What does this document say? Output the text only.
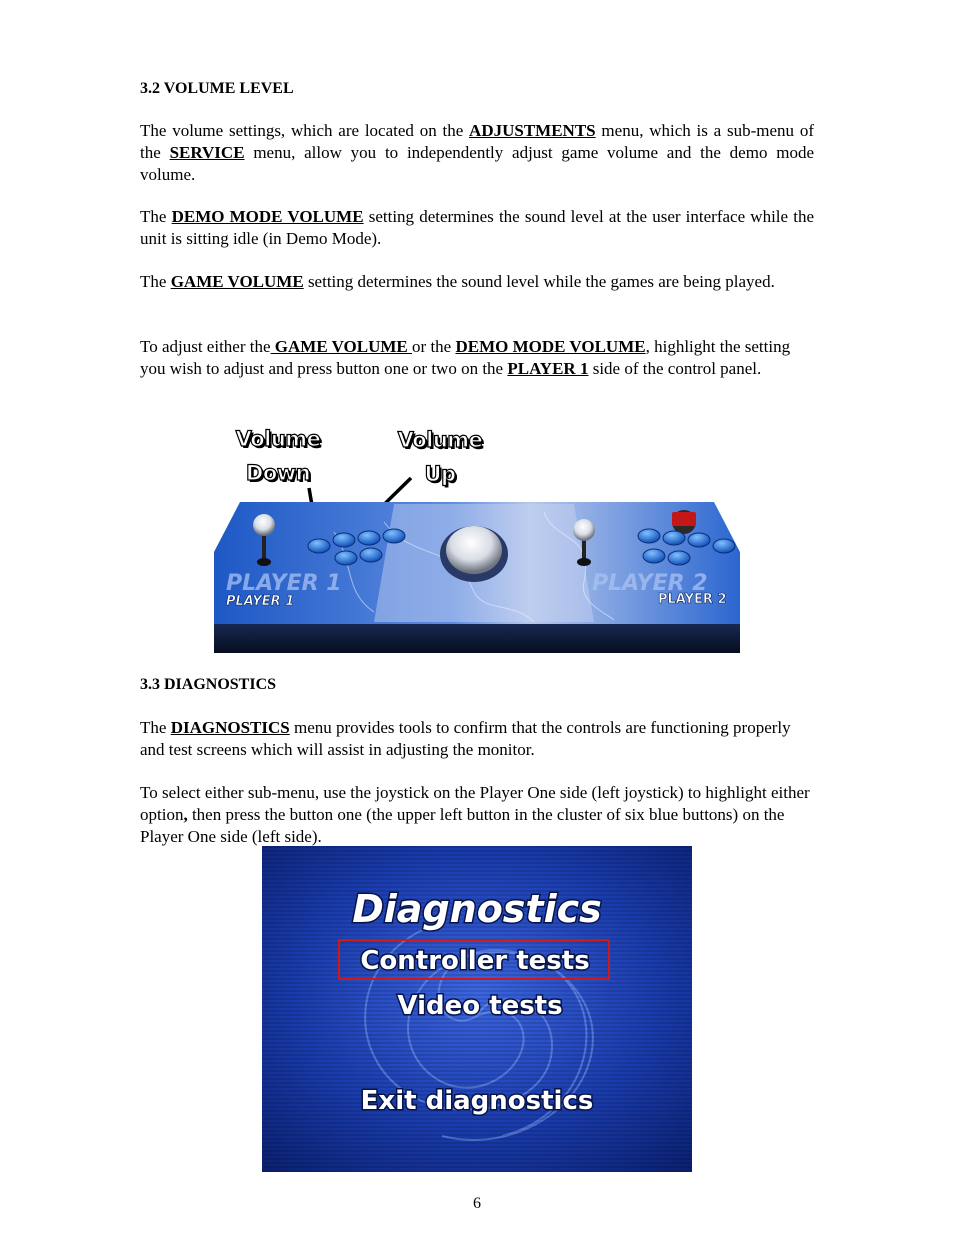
3.2 VOLUME LEVEL

The volume settings, which are located on the ADJUSTMENTS menu, which is a sub-menu of the SERVICE menu, allow you to independently adjust game volume and the demo mode volume.

The DEMO MODE VOLUME setting determines the sound level at the user interface while the unit is sitting idle (in Demo Mode).

The GAME VOLUME setting determines the sound level while the games are being played.

To adjust either the GAME VOLUME or the DEMO MODE VOLUME, highlight the setting you wish to adjust and press button one or two on the PLAYER 1 side of the control panel.

Volume
Down
Volume
Up
PLAYER 1	PLAYER 2
PLAYER 1	PLAYER 2

3.3 DIAGNOSTICS

The DIAGNOSTICS menu provides tools to confirm that the controls are functioning properly and test screens which will assist in adjusting the monitor.

To select either sub-menu, use the joystick on the Player One side (left joystick) to highlight either option, then press the button one (the upper left button in the cluster of six blue buttons) on the Player One side (left side).

Diagnostics
Controller tests
Video tests
Exit diagnostics
6
